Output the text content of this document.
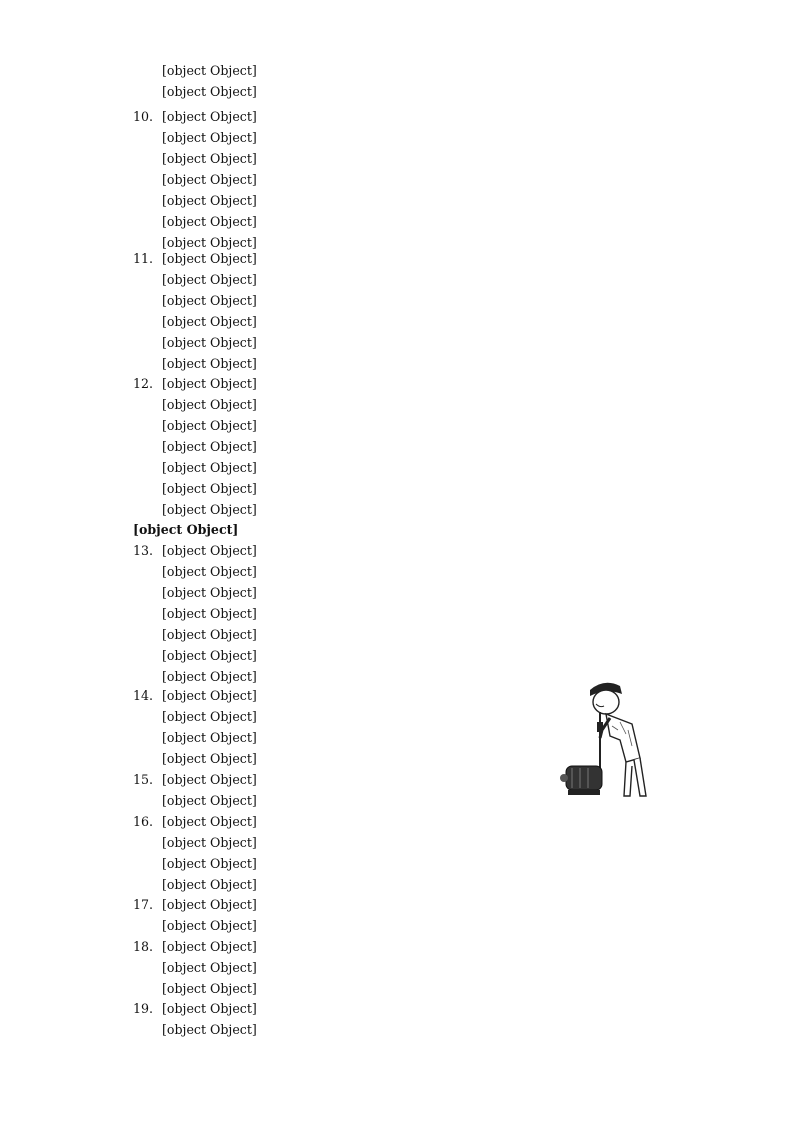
10.
11.
12.
13.
14.
15.
16.
17.
18.
19.
[object Object]
[object Object]
[object Object]
[object Object]
[object Object]
[object Object]
[object Object]
[object Object]
[object Object]
[object Object]
[object Object]
[object Object]
[object Object]
[object Object]
[object Object]
[object Object]
[object Object]
[object Object]
[object Object]
[object Object]
[object Object]
[object Object]
[object Object]
[object Object]
[object Object]
[object Object]
[object Object]
[object Object]
[object Object]
[object Object]
[object Object]
[object Object]
[object Object]
[object Object]
[object Object]
[object Object]
[object Object]
[object Object]
[object Object]
[object Object]
[object Object]
[object Object]
[object Object]
[object Object]
[object Object]
[object Object]
[object Object]
